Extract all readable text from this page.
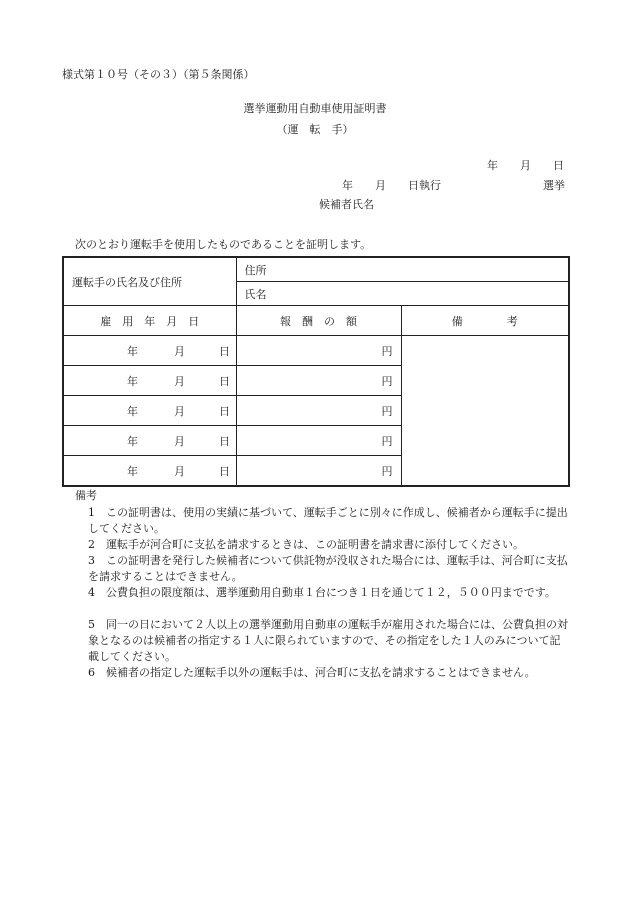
様式第１０号（その３）（第５条関係）
選挙運動用自動車使用証明書
（運　転　手）
年 月 日
年 月 日執行	選挙
候補者氏名
次のとおり運転手を使用したものであることを証明します。
運転手の氏名及び住所	住所	
	氏名	
雇　用　年　月　日	報　酬　の　額	備　　　　考

年 月 日	円	

年 月 日	円	

年 月 日	円	

年 月 日	円	

年 月 日	円	
備考
1 この証明書は、使用の実績に基づいて、運転手ごとに別々に作成し、候補者から運転手に提出してください。
2 運転手が河合町に支払を請求するときは、この証明書を請求書に添付してください。
3 この証明書を発行した候補者について供託物が没収された場合には、運転手は、河合町に支払を請求することはできません。
4 公費負担の限度額は、選挙運動用自動車１台につき１日を通じて１２，５００円までです。
5 同一の日において２人以上の選挙運動用自動車の運転手が雇用された場合には、公費負担の対象となるのは候補者の指定する１人に限られていますので、その指定をした１人のみについて記載してください。
6 候補者の指定した運転手以外の運転手は、河合町に支払を請求することはできません。
